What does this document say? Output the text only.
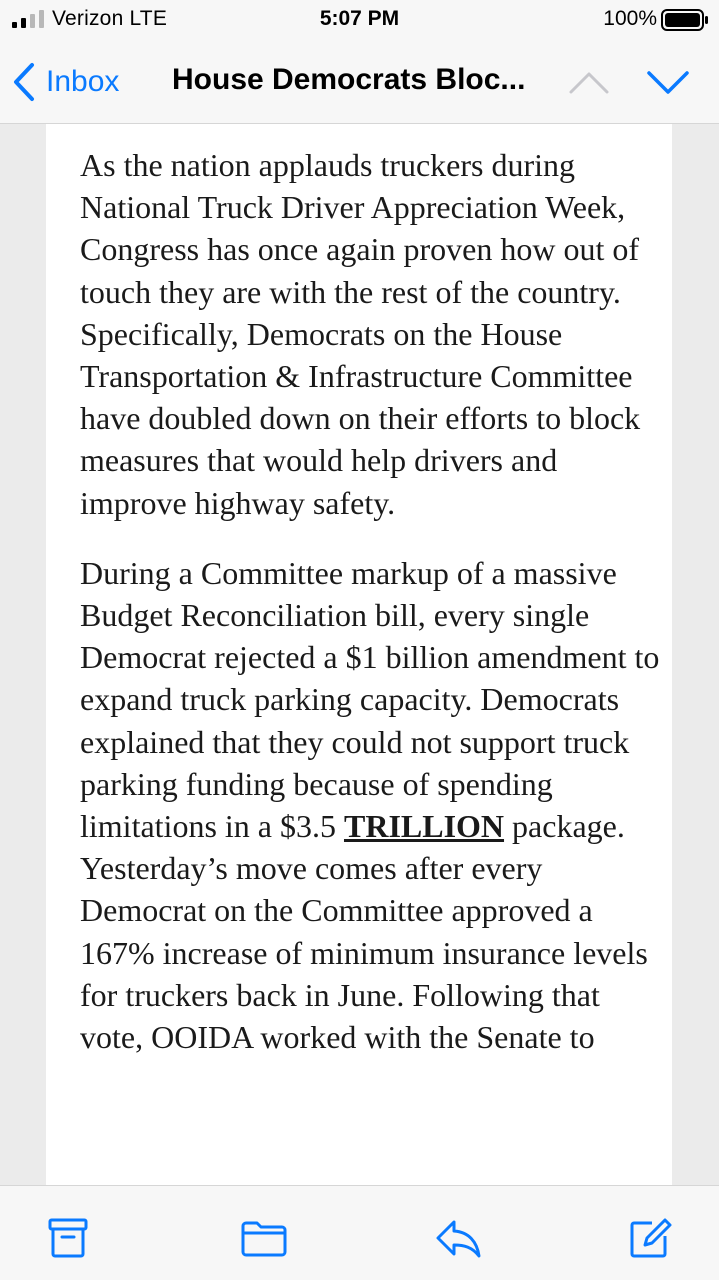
Verizon LTE	5:07 PM	100%
Inbox House Democrats Bloc...

As the nation applauds truckers during National Truck Driver Appreciation Week, Congress has once again proven how out of touch they are with the rest of the country. Specifically, Democrats on the House Transportation & Infrastructure Committee have doubled down on their efforts to block measures that would help drivers and improve highway safety.

During a Committee markup of a massive Budget Reconciliation bill, every single Democrat rejected a $1 billion amendment to expand truck parking capacity. Democrats explained that they could not support truck parking funding because of spending limitations in a $3.5 TRILLION package. Yesterday’s move comes after every Democrat on the Committee approved a 167% increase of minimum insurance levels for truckers back in June. Following that vote, OOIDA worked with the Senate to
